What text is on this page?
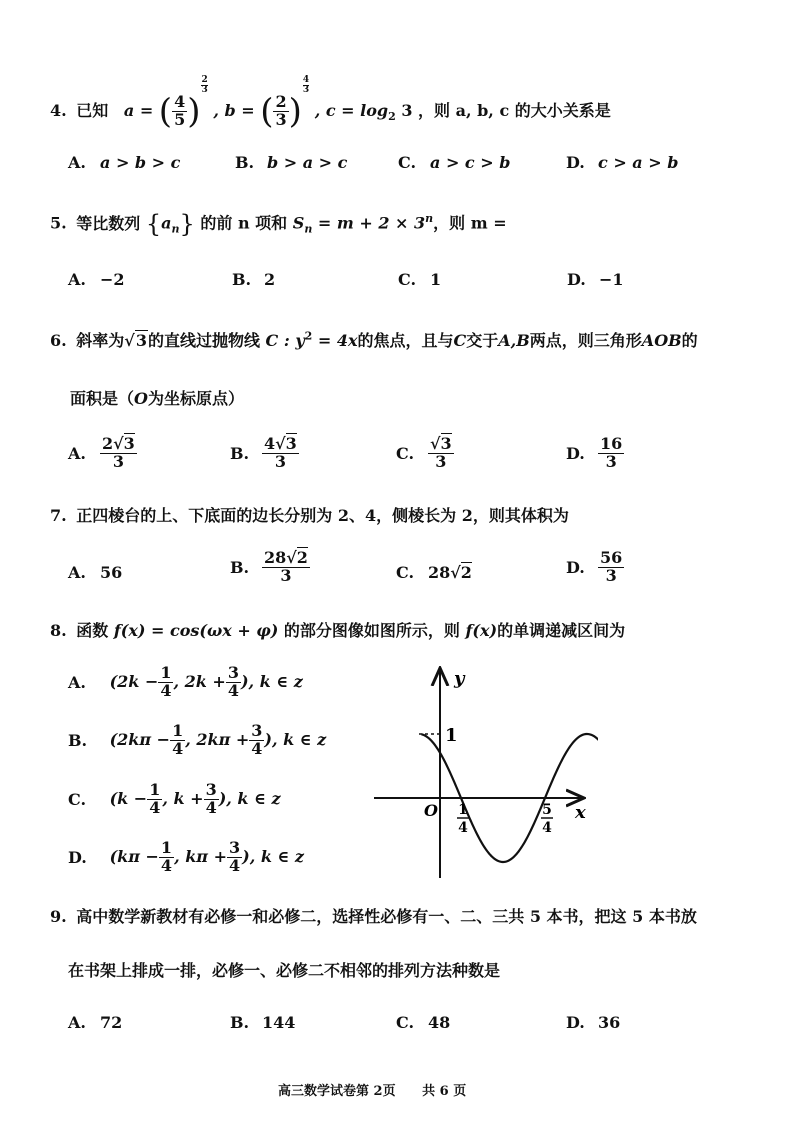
4. 已知 a = ( $\frac{4}{5}$ )
$\frac{2}{3}$
, b = ( $\frac{2}{3}$ )
$\frac{4}{3}$
, $c = \log_2 3$ ，则 a, b, c 的大小关系是
A. a > b > c	B. b > a > c	C. a > c > b	D. c > a > b
5. 等比数列 $\{a_n\}$ 的前 n 项和 $S_n = m + 2 \times 3^n$，则 m =
A. −2	B. 2	C. 1	D. −1
6. 斜率为√3的直线过抛物线 C : $y^2 = 4x$的焦点，且与C交于A,B两点，则三角形AOB的
面积是（O为坐标原点）
A. $\frac{2√3}{3}$	B. $\frac{4√3}{3}$	C. $\frac{√3}{3}$	D. $\frac{16}{3}$
7. 正四棱台的上、下底面的边长分别为 2、4，侧棱长为 2，则其体积为
A. 56	B. $\frac{28√2}{3}$	C. 28√2	D. $\frac{56}{3}$
8. 函数 f(x) = cos(ωx + φ) 的部分图像如图所示，则 f(x)的单调递减区间为
A. ($2k - \frac{1}{4}$ , $2k + \frac{3}{4}$ ), k ∈ z
B. ($2k\pi - \frac{1}{4}$ , $2k\pi + \frac{3}{4}$ ), k ∈ z
C. ($k - \frac{1}{4}$ , $k + \frac{3}{4}$ ), k ∈ z
D. ($k\pi - \frac{1}{4}$ , $k\pi + \frac{3}{4}$ ), k ∈ z
y
x
O
1
1
4
5
4
9. 高中数学新教材有必修一和必修二，选择性必修有一、二、三共 5 本书，把这 5 本书放
在书架上排成一排，必修一、必修二不相邻的排列方法种数是
A. 72	B. 144	C. 48	D. 36
高三数学试卷第 2页 共 6 页
